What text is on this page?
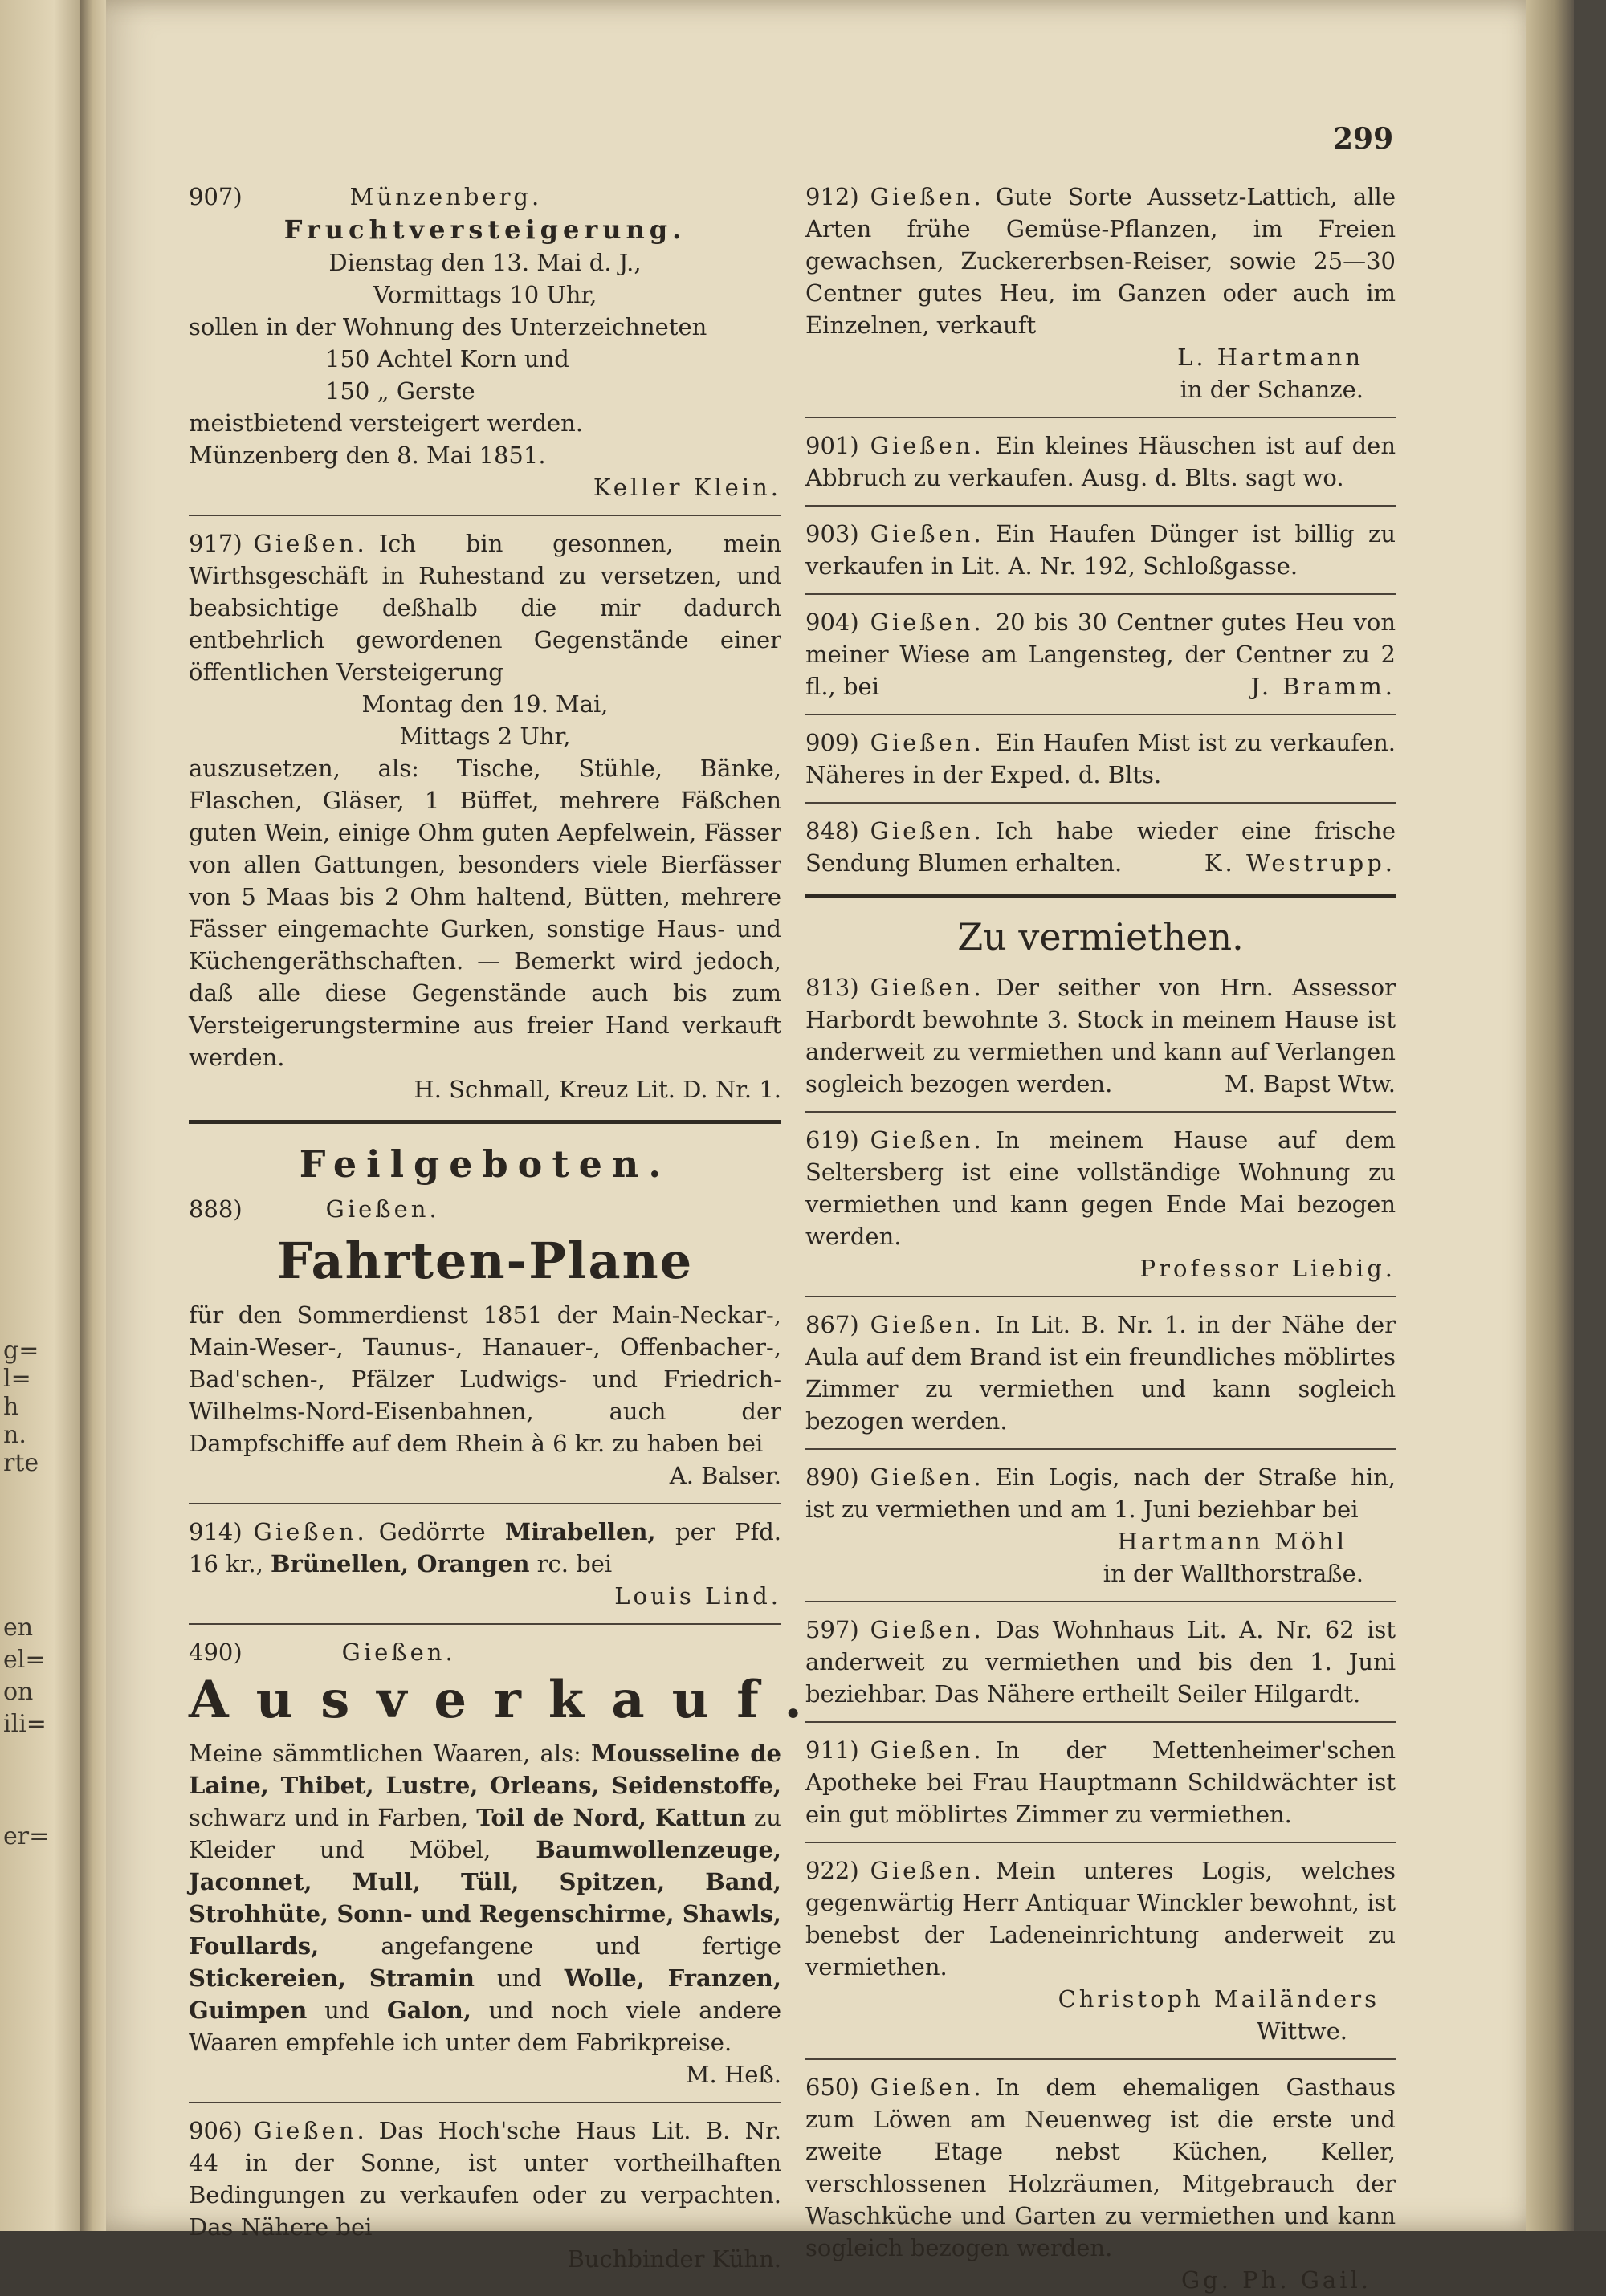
g=
l=
h
n.
rte
en
el=
on
ili=
er=
299

907)	Münzenberg.

Fruchtversteigerung.

Dienstag den 13. Mai d. J.,

Vormittags 10 Uhr,

sollen in der Wohnung des Unterzeichneten

150 Achtel Korn und

150 „ Gerste

meistbietend versteigert werden.

Münzenberg den 8. Mai 1851.

Keller Klein.

917) Gießen. Ich bin gesonnen, mein Wirthsgeschäft in Ruhestand zu versetzen, und beabsichtige deßhalb die mir dadurch entbehrlich gewordenen Gegenstände einer öffentlichen Versteigerung

Montag den 19. Mai,

Mittags 2 Uhr,

auszusetzen, als: Tische, Stühle, Bänke, Flaschen, Gläser, 1 Büffet, mehrere Fäßchen guten Wein, einige Ohm guten Aepfelwein, Fässer von allen Gattungen, besonders viele Bierfässer von 5 Maas bis 2 Ohm haltend, Bütten, mehrere Fässer eingemachte Gurken, sonstige Haus- und Küchengeräthschaften. — Bemerkt wird jedoch, daß alle diese Gegenstände auch bis zum Versteigerungstermine aus freier Hand verkauft werden.

H. Schmall, Kreuz Lit. D. Nr. 1.

Feilgeboten.

888)	Gießen.

Fahrten-Plane

für den Sommerdienst 1851 der Main-Neckar-, Main-Weser-, Taunus-, Hanauer-, Offenbacher-, Bad'schen-, Pfälzer Ludwigs- und Friedrich-Wilhelms-Nord-Eisenbahnen, auch der Dampfschiffe auf dem Rhein à 6 kr. zu haben bei

A. Balser.

914) Gießen. Gedörrte Mirabellen, per Pfd. 16 kr., Brünellen, Orangen rc. bei

Louis Lind.

490)	Gießen.

Ausverkauf.

Meine sämmtlichen Waaren, als: Mousseline de Laine, Thibet, Lustre, Orleans, Seidenstoffe, schwarz und in Farben, Toil de Nord, Kattun zu Kleider und Möbel, Baumwollenzeuge, Jaconnet, Mull, Tüll, Spitzen, Band, Strohhüte, Sonn- und Regenschirme, Shawls, Foullards, angefangene und fertige Stickereien, Stramin und Wolle, Franzen, Guimpen und Galon, und noch viele andere Waaren empfehle ich unter dem Fabrikpreise.

M. Heß.

906) Gießen. Das Hoch'sche Haus Lit. B. Nr. 44 in der Sonne, ist unter vortheilhaften Bedingungen zu verkaufen oder zu verpachten. Das Nähere bei

Buchbinder Kühn.

912) Gießen. Gute Sorte Aussetz-Lattich, alle Arten frühe Gemüse-Pflanzen, im Freien gewachsen, Zuckererbsen-Reiser, sowie 25—30 Centner gutes Heu, im Ganzen oder auch im Einzelnen, verkauft

L. Hartmann

in der Schanze.

901) Gießen. Ein kleines Häuschen ist auf den Abbruch zu verkaufen. Ausg. d. Blts. sagt wo.

903) Gießen. Ein Haufen Dünger ist billig zu verkaufen in Lit. A. Nr. 192, Schloßgasse.

904) Gießen. 20 bis 30 Centner gutes Heu von meiner Wiese am Langensteg, der Centner zu 2 fl., bei	J. Bramm.

909) Gießen. Ein Haufen Mist ist zu verkaufen. Näheres in der Exped. d. Blts.

848) Gießen. Ich habe wieder eine frische Sendung Blumen erhalten.	K. Westrupp.

Zu vermiethen.

813) Gießen. Der seither von Hrn. Assessor Harbordt bewohnte 3. Stock in meinem Hause ist anderweit zu vermiethen und kann auf Verlangen sogleich bezogen werden.	M. Bapst Wtw.

619) Gießen. In meinem Hause auf dem Seltersberg ist eine vollständige Wohnung zu vermiethen und kann gegen Ende Mai bezogen werden.

Professor Liebig.

867) Gießen. In Lit. B. Nr. 1. in der Nähe der Aula auf dem Brand ist ein freundliches möblirtes Zimmer zu vermiethen und kann sogleich bezogen werden.

890) Gießen. Ein Logis, nach der Straße hin, ist zu vermiethen und am 1. Juni beziehbar bei

Hartmann Möhl

in der Wallthorstraße.

597) Gießen. Das Wohnhaus Lit. A. Nr. 62 ist anderweit zu vermiethen und bis den 1. Juni beziehbar. Das Nähere ertheilt Seiler Hilgardt.

911) Gießen. In der Mettenheimer'schen Apotheke bei Frau Hauptmann Schildwächter ist ein gut möblirtes Zimmer zu vermiethen.

922) Gießen. Mein unteres Logis, welches gegenwärtig Herr Antiquar Winckler bewohnt, ist benebst der Ladeneinrichtung anderweit zu vermiethen.

Christoph Mailänders

Wittwe.

650) Gießen. In dem ehemaligen Gasthaus zum Löwen am Neuenweg ist die erste und zweite Etage nebst Küchen, Keller, verschlossenen Holzräumen, Mitgebrauch der Waschküche und Garten zu vermiethen und kann sogleich bezogen werden.

Gg. Ph. Gail.
